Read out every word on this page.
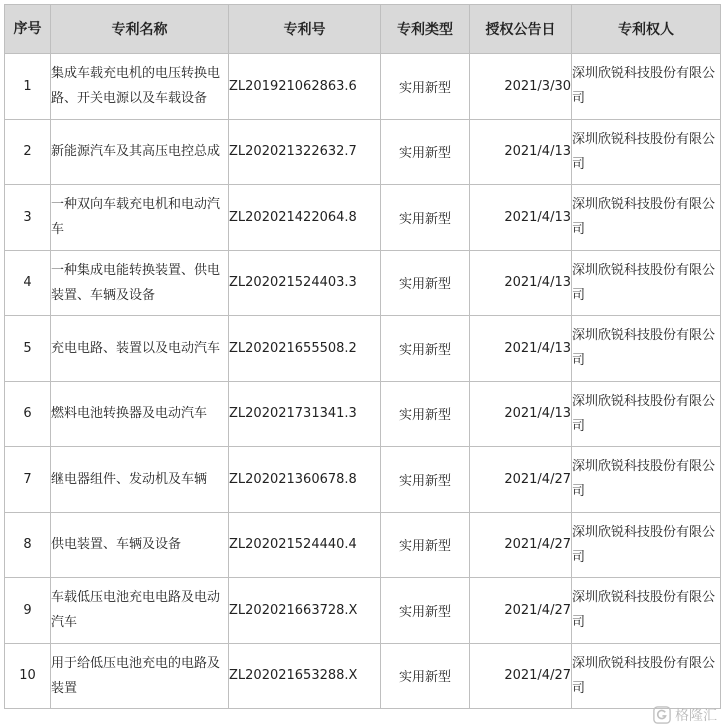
序号	专利名称	专利号	专利类型	授权公告日	专利权人
1	集成车载充电机的电压转换电路、开关电源以及车载设备	ZL201921062863.6	实用新型	2021/3/30	深圳欣锐科技股份有限公司
2	新能源汽车及其高压电控总成	ZL202021322632.7	实用新型	2021/4/13	深圳欣锐科技股份有限公司
3	一种双向车载充电机和电动汽车	ZL202021422064.8	实用新型	2021/4/13	深圳欣锐科技股份有限公司
4	一种集成电能转换装置、供电装置、车辆及设备	ZL202021524403.3	实用新型	2021/4/13	深圳欣锐科技股份有限公司
5	充电电路、装置以及电动汽车	ZL202021655508.2	实用新型	2021/4/13	深圳欣锐科技股份有限公司
6	燃料电池转换器及电动汽车	ZL202021731341.3	实用新型	2021/4/13	深圳欣锐科技股份有限公司
7	继电器组件、发动机及车辆	ZL202021360678.8	实用新型	2021/4/27	深圳欣锐科技股份有限公司
8	供电装置、车辆及设备	ZL202021524440.4	实用新型	2021/4/27	深圳欣锐科技股份有限公司
9	车载低压电池充电电路及电动汽车	ZL202021663728.X	实用新型	2021/4/27	深圳欣锐科技股份有限公司
10	用于给低压电池充电的电路及装置	ZL202021653288.X	实用新型	2021/4/27	深圳欣锐科技股份有限公司
格隆汇
